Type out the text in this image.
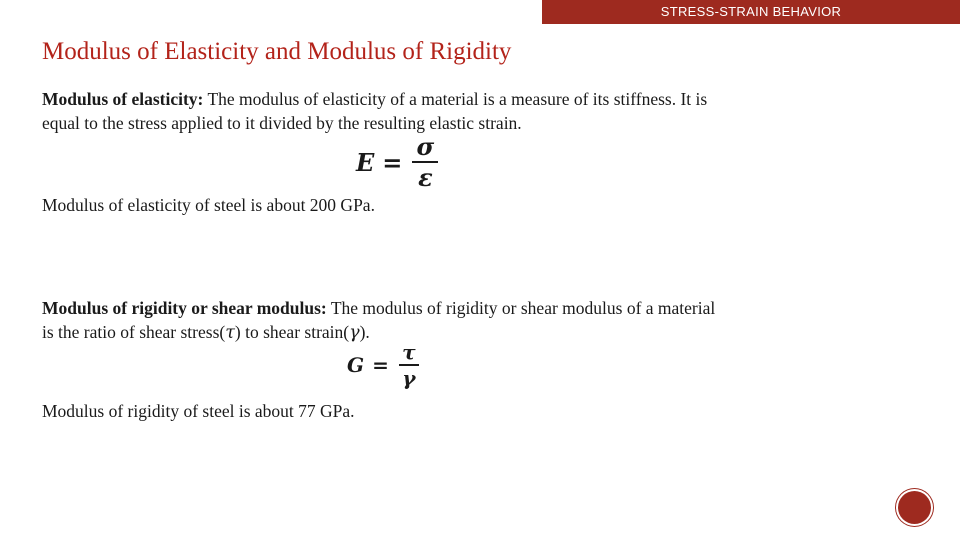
STRESS-STRAIN BEHAVIOR
Modulus of Elasticity and Modulus of Rigidity

Modulus of elasticity: The modulus of elasticity of a material is a measure of its stiffness. It is equal to the stress applied to it divided by the resulting elastic strain.

$E = \frac{\sigma}{\varepsilon}$

Modulus of elasticity of steel is about 200 GPa.

Modulus of rigidity or shear modulus: The modulus of rigidity or shear modulus of a material is the ratio of shear stress(τ) to shear strain(γ).

$G = \frac{\tau}{\gamma}$

Modulus of rigidity of steel is about 77 GPa.
